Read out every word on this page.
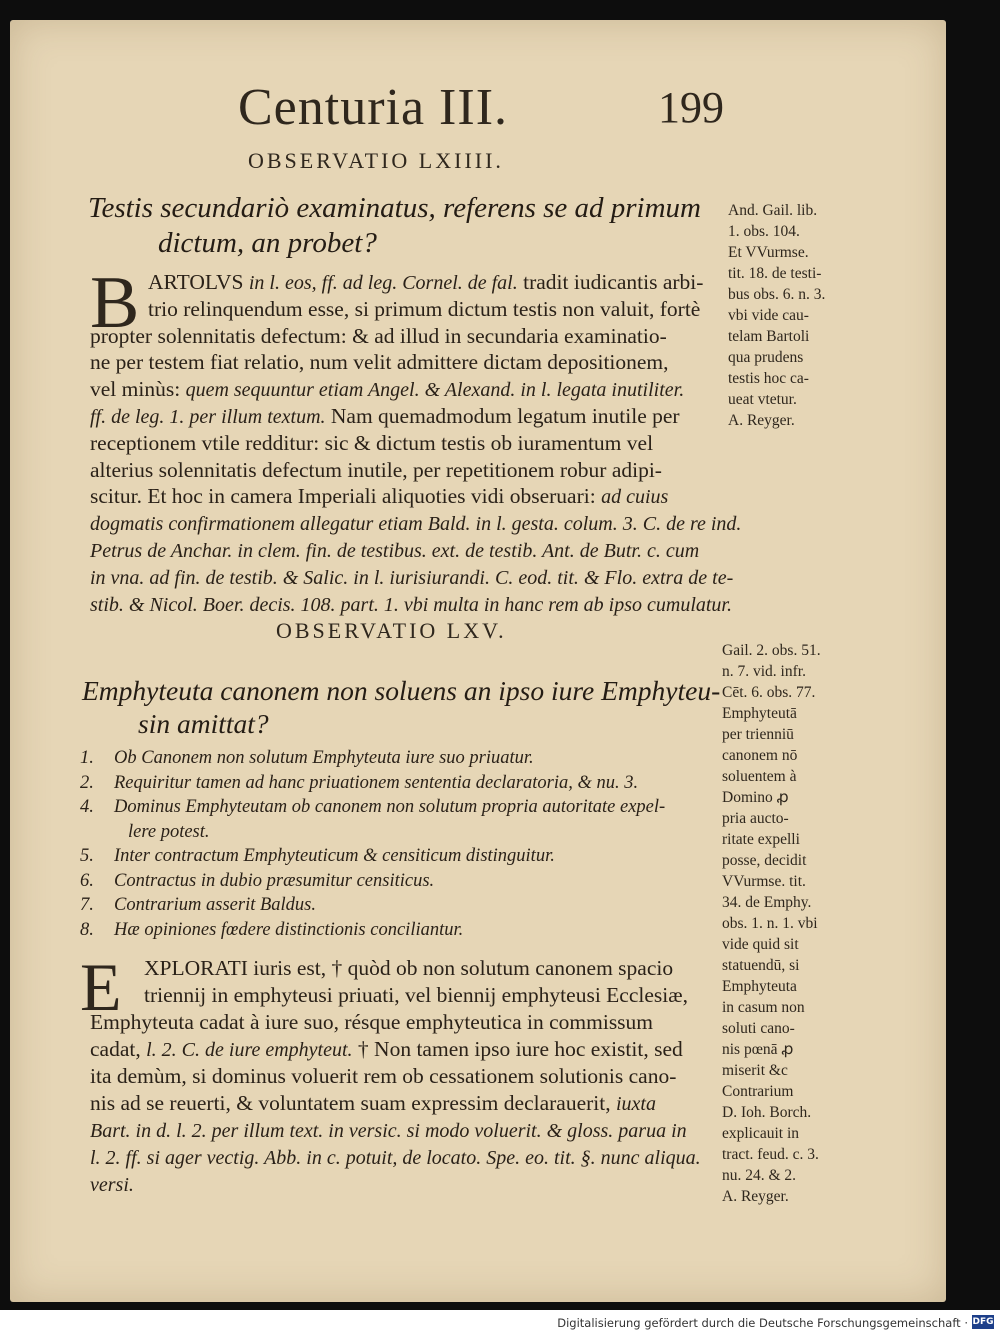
Centuria III.	199
OBSERVATIO LXIIII.
Testis secundariò examinatus, referens se ad primum
dictum, an probet?
B ARTOLVS in l. eos, ff. ad leg. Cornel. de fal. tradit iudicantis arbi-
trio relinquendum esse, si primum dictum testis non valuit, fortè
propter solennitatis defectum: & ad illud in secundaria examinatio-
ne per testem fiat relatio, num velit admittere dictam depositionem,
vel minùs: quem sequuntur etiam Angel. & Alexand. in l. legata inutiliter.
ff. de leg. 1. per illum textum. Nam quemadmodum legatum inutile per
receptionem vtile redditur: sic & dictum testis ob iuramentum vel
alterius solennitatis defectum inutile, per repetitionem robur adipi-
scitur. Et hoc in camera Imperiali aliquoties vidi obseruari: ad cuius
dogmatis confirmationem allegatur etiam Bald. in l. gesta. colum. 3. C. de re ind.
Petrus de Anchar. in clem. fin. de testibus. ext. de testib. Ant. de Butr. c. cum
in vna. ad fin. de testib. & Salic. in l. iurisiurandi. C. eod. tit. & Flo. extra de te-
stib. & Nicol. Boer. decis. 108. part. 1. vbi multa in hanc rem ab ipso cumulatur.
And. Gail. lib.
1. obs. 104.
Et VVurmse.
tit. 18. de testi-
bus obs. 6. n. 3.
vbi vide cau-
telam Bartoli
qua prudens
testis hoc ca-
ueat vtetur.
A. Reyger.
OBSERVATIO LXV.
Emphyteuta canonem non soluens an ipso iure Emphyteu-
sin amittat?
1. Ob Canonem non solutum Emphyteuta iure suo priuatur.
2. Requiritur tamen ad hanc priuationem sententia declaratoria, & nu. 3.
4. Dominus Emphyteutam ob canonem non solutum propria autoritate expel-
lere potest.
5. Inter contractum Emphyteuticum & censiticum distinguitur.
6. Contractus in dubio præsumitur censiticus.
7. Contrarium asserit Baldus.
8. Hæ opiniones fœdere distinctionis conciliantur.
E XPLORATI iuris est, † quòd ob non solutum canonem spacio
triennij in emphyteusi priuati, vel biennij emphyteusi Ecclesiæ,
Emphyteuta cadat à iure suo, résque emphyteutica in commissum
cadat, l. 2. C. de iure emphyteut. † Non tamen ipso iure hoc existit, sed
ita demùm, si dominus voluerit rem ob cessationem solutionis cano-
nis ad se reuerti, & voluntatem suam expressim declarauerit, iuxta
Bart. in d. l. 2. per illum text. in versic. si modo voluerit. & gloss. parua in
l. 2. ff. si ager vectig. Abb. in c. potuit, de locato. Spe. eo. tit. §. nunc aliqua.
versi.
Gail. 2. obs. 51.
n. 7. vid. infr.
Cēt. 6. obs. 77.
Emphyteutā
per trienniū
canonem nō
soluentem à
Domino ꝓ
pria aucto-
ritate expelli
posse, decidit
VVurmse. tit.
34. de Emphy.
obs. 1. n. 1. vbi
vide quid sit
statuendū, si
Emphyteuta
in casum non
soluti cano-
nis pœnā ꝓ
miserit &c
Contrarium
D. Ioh. Borch.
explicauit in
tract. feud. c. 3.
nu. 24. & 2.
A. Reyger.
Digitalisierung gefördert durch die Deutsche Forschungsgemeinschaft · DFG
